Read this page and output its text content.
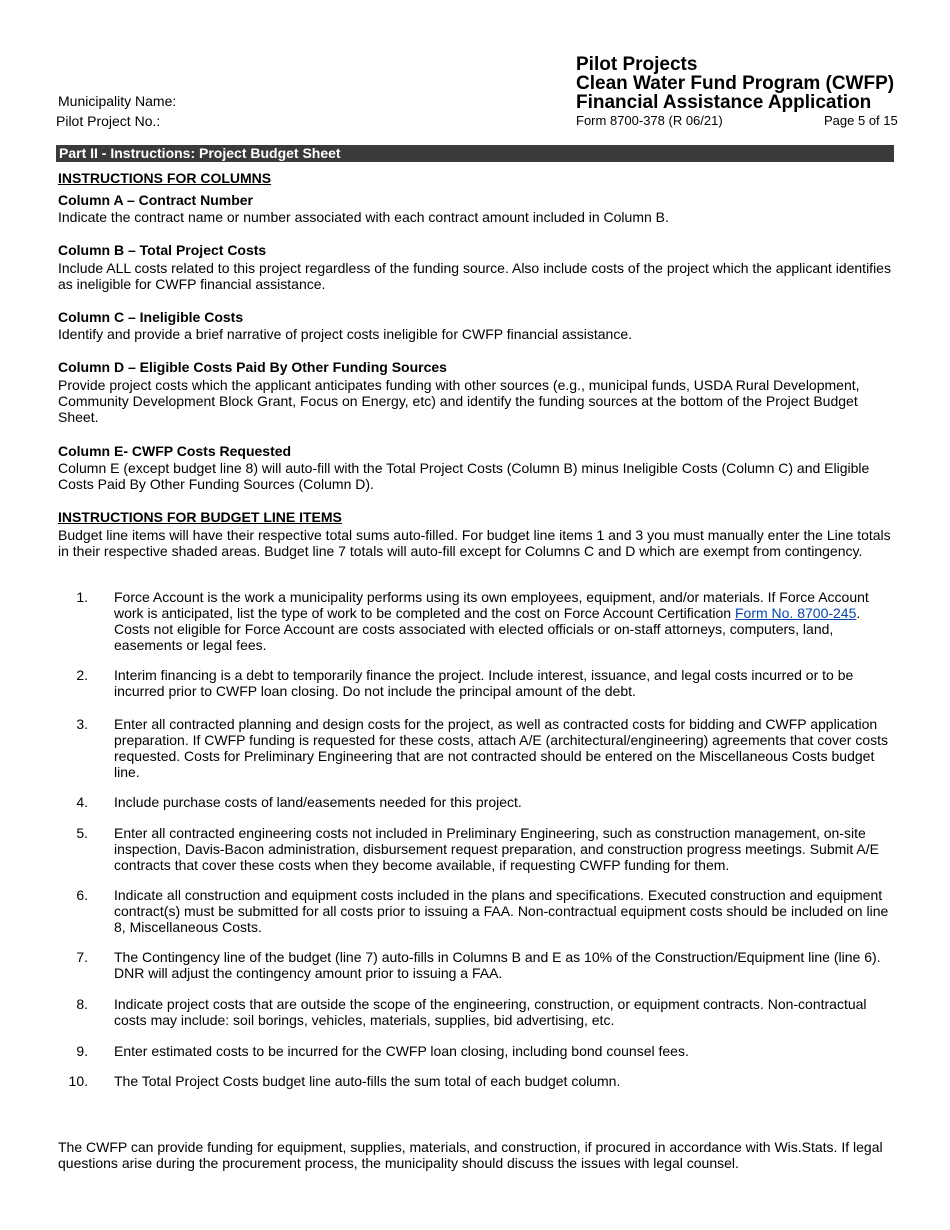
Pilot Projects
Clean Water Fund Program (CWFP)
Financial Assistance Application
Municipality Name:
Pilot Project No.:	Form 8700-378 (R 06/21)	Page 5 of 15
Part II - Instructions: Project Budget Sheet
INSTRUCTIONS FOR COLUMNS
Column A – Contract Number
Indicate the contract name or number associated with each contract amount included in Column B.
Column B – Total Project Costs
Include ALL costs related to this project regardless of the funding source. Also include costs of the project which the applicant identifies as ineligible for CWFP financial assistance.
Column C – Ineligible Costs
Identify and provide a brief narrative of project costs ineligible for CWFP financial assistance.
Column D – Eligible Costs Paid By Other Funding Sources
Provide project costs which the applicant anticipates funding with other sources (e.g., municipal funds, USDA Rural Development, Community Development Block Grant, Focus on Energy, etc) and identify the funding sources at the bottom of the Project Budget Sheet.
Column E- CWFP Costs Requested
Column E (except budget line 8) will auto-fill with the Total Project Costs (Column B) minus Ineligible Costs (Column C) and Eligible Costs Paid By Other Funding Sources (Column D).
INSTRUCTIONS FOR BUDGET LINE ITEMS
Budget line items will have their respective total sums auto-filled. For budget line items 1 and 3 you must manually enter the Line totals in their respective shaded areas. Budget line 7 totals will auto-fill except for Columns C and D which are exempt from contingency.
1. Force Account is the work a municipality performs using its own employees, equipment, and/or materials. If Force Account work is anticipated, list the type of work to be completed and the cost on Force Account Certification Form No. 8700-245. Costs not eligible for Force Account are costs associated with elected officials or on-staff attorneys, computers, land, easements or legal fees.
2. Interim financing is a debt to temporarily finance the project. Include interest, issuance, and legal costs incurred or to be incurred prior to CWFP loan closing. Do not include the principal amount of the debt.
3. Enter all contracted planning and design costs for the project, as well as contracted costs for bidding and CWFP application preparation. If CWFP funding is requested for these costs, attach A/E (architectural/engineering) agreements that cover costs requested. Costs for Preliminary Engineering that are not contracted should be entered on the Miscellaneous Costs budget line.
4. Include purchase costs of land/easements needed for this project.
5. Enter all contracted engineering costs not included in Preliminary Engineering, such as construction management, on-site inspection, Davis-Bacon administration, disbursement request preparation, and construction progress meetings. Submit A/E contracts that cover these costs when they become available, if requesting CWFP funding for them.
6. Indicate all construction and equipment costs included in the plans and specifications. Executed construction and equipment contract(s) must be submitted for all costs prior to issuing a FAA. Non-contractual equipment costs should be included on line 8, Miscellaneous Costs.
7. The Contingency line of the budget (line 7) auto-fills in Columns B and E as 10% of the Construction/Equipment line (line 6). DNR will adjust the contingency amount prior to issuing a FAA.
8. Indicate project costs that are outside the scope of the engineering, construction, or equipment contracts. Non-contractual costs may include: soil borings, vehicles, materials, supplies, bid advertising, etc.
9. Enter estimated costs to be incurred for the CWFP loan closing, including bond counsel fees.
10. The Total Project Costs budget line auto-fills the sum total of each budget column.
The CWFP can provide funding for equipment, supplies, materials, and construction, if procured in accordance with Wis.Stats. If legal questions arise during the procurement process, the municipality should discuss the issues with legal counsel.
